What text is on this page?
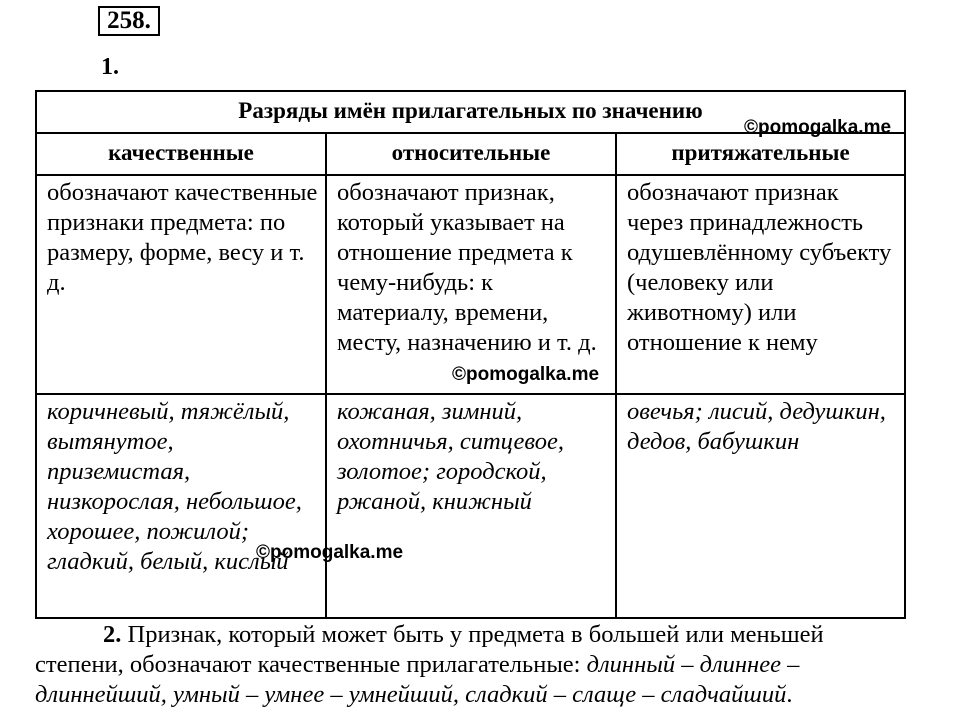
258.
1.
Разряды имён прилагательных по значению		
качественные	относительные	притяжательные

обозначают качественные признаки предмета: по размеру, форме, весу и т. д.	обозначают признак, который указывает на отношение предмета к чему-нибудь: к материалу, времени, месту, назначению и т. д.	обозначают признак через принадлежность одушевлённому субъекту (человеку или животному) или отношение к нему

коричневый, тяжёлый, вытянутое, приземистая, низкорослая, небольшое, хорошее, пожилой; гладкий, белый, кислый	кожаная, зимний, охотничья, ситцевое, золотое; городской, ржаной, книжный	овечья; лисий, дедушкин, дедов, бабушкин
©pomogalka.me
©pomogalka.me
©pomogalka.me
2. Признак, который может быть у предмета в большей или меньшей степени, обозначают качественные прилагательные: длинный – длиннее – длиннейший, умный – умнее – умнейший, сладкий – слаще – сладчайший.
